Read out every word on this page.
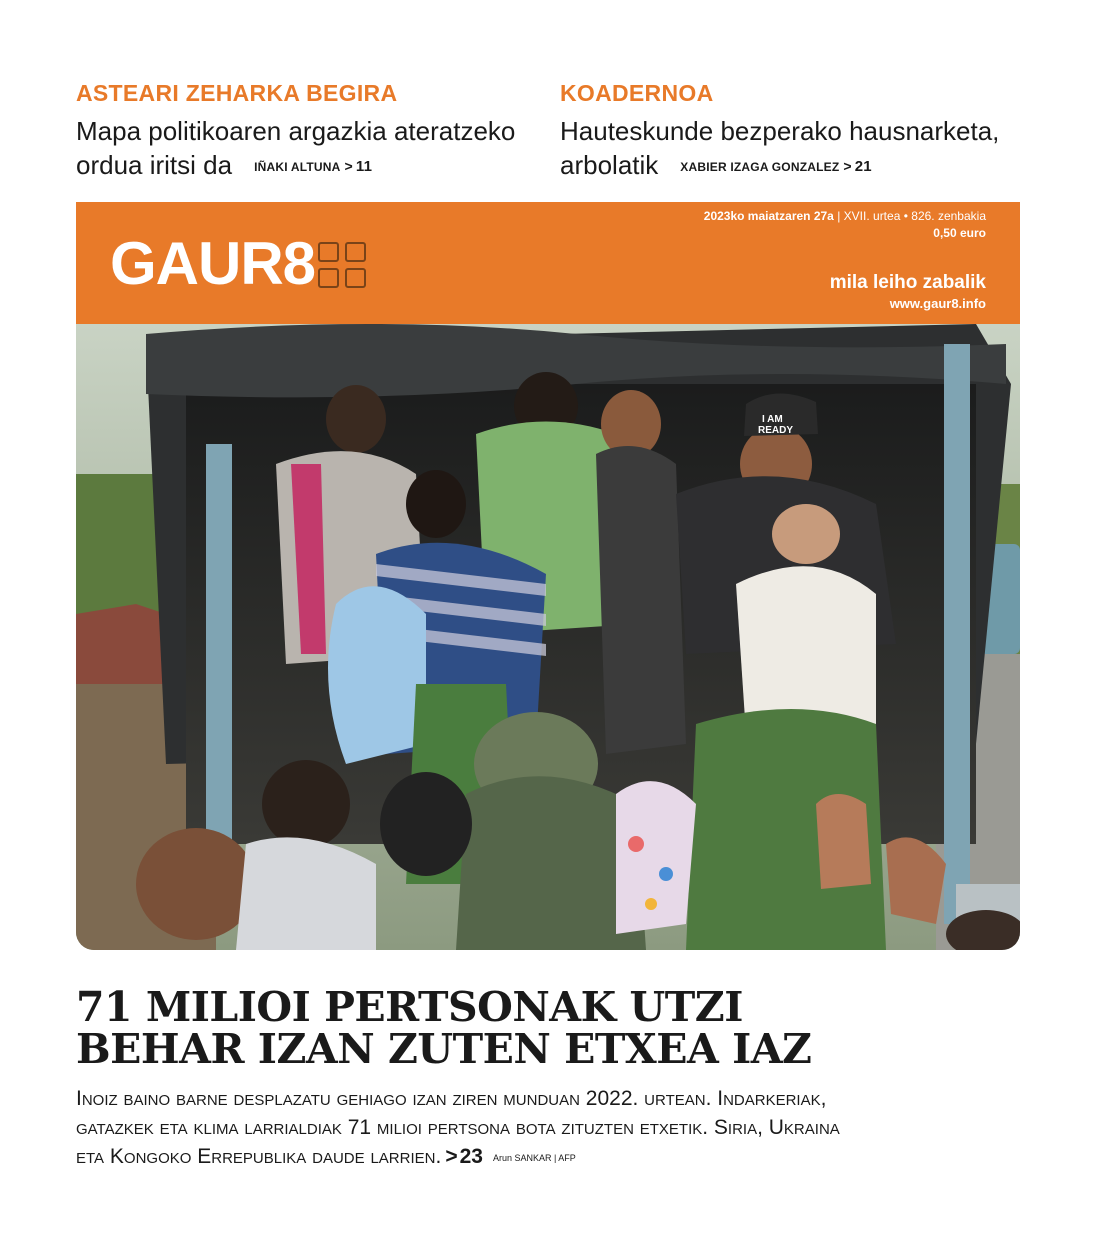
ASTEARI ZEHARKA BEGIRA
Mapa politikoaren argazkia ateratzeko
ordua iritsi da IÑAKI ALTUNA > 11
KOADERNOA
Hauteskunde bezperako hausnarketa,
arbolatik XABIER IZAGA GONZALEZ > 21
GAUR8
2023ko maiatzaren 27a | XVII. urtea • 826. zenbakia
0,50 euro
mila leiho zabalik
www.gaur8.info
I AM
READY
71 MILIOI PERTSONAK UTZI
BEHAR IZAN ZUTEN ETXEA IAZ
Inoiz baino barne desplazatu gehiago izan ziren munduan 2022. urtean. Indarkeriak,
gatazkek eta klima larrialdiak 71 milioi pertsona bota zituzten etxetik. Siria, Ukraina
eta Kongoko Errepublika daude larrien. >23 Arun SANKAR | AFP
